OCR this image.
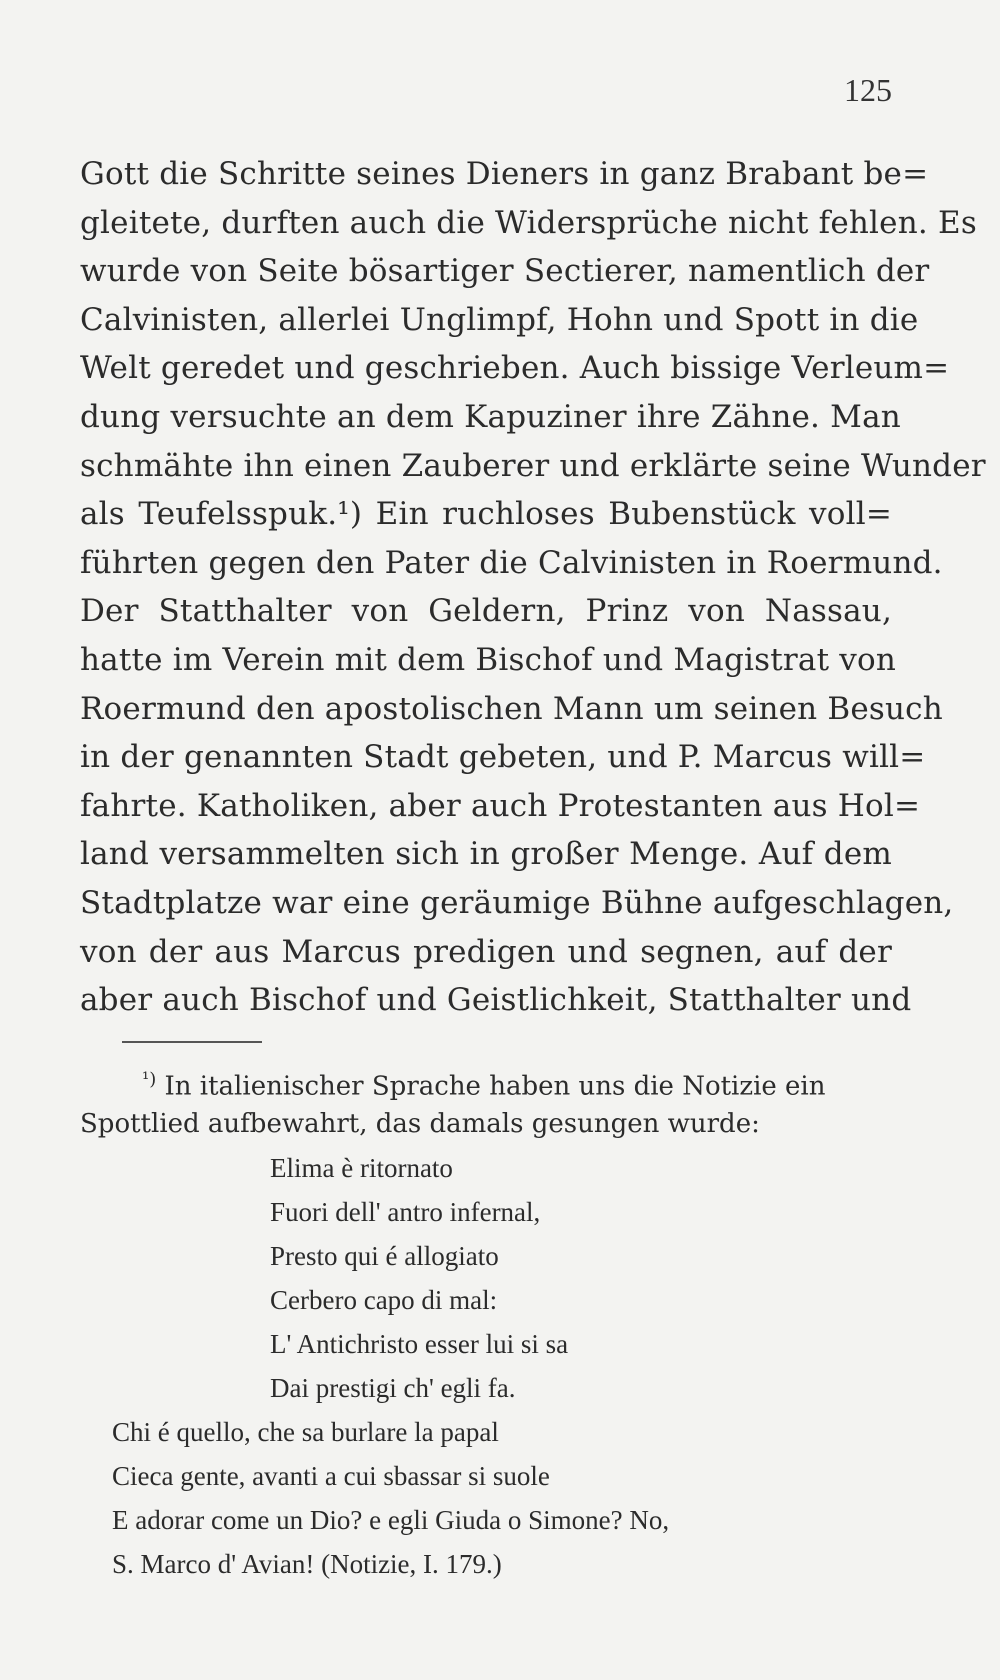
125
Gott die Schritte seines Dieners in ganz Brabant be=
gleitete, durften auch die Widersprüche nicht fehlen. Es
wurde von Seite bösartiger Sectierer, namentlich der
Calvinisten, allerlei Unglimpf, Hohn und Spott in die
Welt geredet und geschrieben. Auch bissige Verleum=
dung versuchte an dem Kapuziner ihre Zähne. Man
schmähte ihn einen Zauberer und erklärte seine Wunder
als Teufelsspuk.¹) Ein ruchloses Bubenstück voll=
führten gegen den Pater die Calvinisten in Roermund.
Der Statthalter von Geldern, Prinz von Nassau,
hatte im Verein mit dem Bischof und Magistrat von
Roermund den apostolischen Mann um seinen Besuch
in der genannten Stadt gebeten, und P. Marcus will=
fahrte. Katholiken, aber auch Protestanten aus Hol=
land versammelten sich in großer Menge. Auf dem
Stadtplatze war eine geräumige Bühne aufgeschlagen,
von der aus Marcus predigen und segnen, auf der
aber auch Bischof und Geistlichkeit, Statthalter und
$^{^1)}$ In italienischer Sprache haben uns die Notizie ein
Spottlied aufbewahrt, das damals gesungen wurde:
Elima è ritornato
Fuori dell' antro infernal,
Presto qui é allogiato
Cerbero capo di mal:
L' Antichristo esser lui si sa
Dai prestigi ch' egli fa.
Chi é quello, che sa burlare la papal
Cieca gente, avanti a cui sbassar si suole
E adorar come un Dio? e egli Giuda o Simone? No,
S. Marco d' Avian! (Notizie, I. 179.)
